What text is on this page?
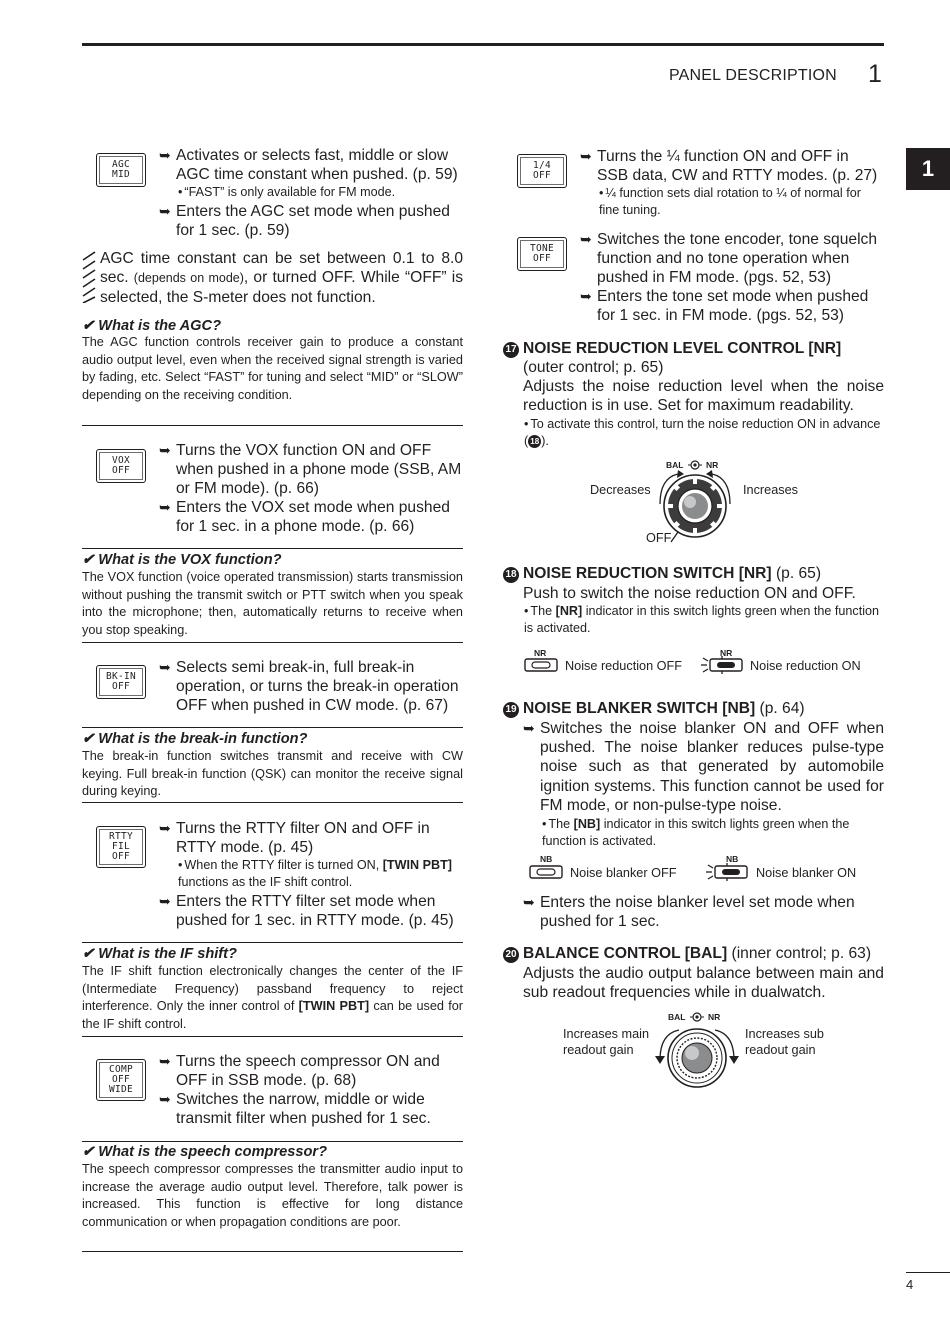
PANEL DESCRIPTION 1
1
4
AGC
MID
➥ Activates or selects fast, middle or slow AGC time constant when pushed. (p. 59)
• “FAST” is only available for FM mode.
➥ Enters the AGC set mode when pushed for 1 sec. (p. 59)
AGC time constant can be set between 0.1 to 8.0 sec. (depends on mode), or turned OFF. While “OFF” is selected, the S-meter does not function.
✔ What is the AGC?
The AGC function controls receiver gain to produce a constant audio output level, even when the received signal strength is varied by fading, etc. Select “FAST” for tuning and select “MID” or “SLOW” depending on the receiving condition.
VOX
OFF
➥ Turns the VOX function ON and OFF when pushed in a phone mode (SSB, AM or FM mode). (p. 66)
➥ Enters the VOX set mode when pushed for 1 sec. in a phone mode. (p. 66)
✔ What is the VOX function?
The VOX function (voice operated transmission) starts transmission without pushing the transmit switch or PTT switch when you speak into the microphone; then, automatically returns to receive when you stop speaking.
BK-IN
OFF
➥ Selects semi break-in, full break-in operation, or turns the break-in operation OFF when pushed in CW mode. (p. 67)
✔ What is the break-in function?
The break-in function switches transmit and receive with CW keying. Full break-in function (QSK) can monitor the receive signal during keying.
RTTY
FIL
OFF
➥ Turns the RTTY filter ON and OFF in RTTY mode. (p. 45)
• When the RTTY filter is turned ON, [TWIN PBT] functions as the IF shift control.
➥ Enters the RTTY filter set mode when pushed for 1 sec. in RTTY mode. (p. 45)
✔ What is the IF shift?
The IF shift function electronically changes the center of the IF (Intermediate Frequency) passband frequency to reject interference. Only the inner control of [TWIN PBT] can be used for the IF shift control.
COMP
OFF
WIDE
➥ Turns the speech compressor ON and OFF in SSB mode. (p. 68)
➥ Switches the narrow, middle or wide transmit filter when pushed for 1 sec.
✔ What is the speech compressor?
The speech compressor compresses the transmitter audio input to increase the average audio output level. Therefore, talk power is increased. This function is effective for long distance communication or when propagation conditions are poor.
1/4
OFF
➥ Turns the ¼ function ON and OFF in SSB data, CW and RTTY modes. (p. 27)
• ¼ function sets dial rotation to ¼ of normal for fine tuning.
TONE
OFF
➥ Switches the tone encoder, tone squelch function and no tone operation when pushed in FM mode. (pgs. 52, 53)
➥ Enters the tone set mode when pushed for 1 sec. in FM mode. (pgs. 52, 53)
17 NOISE REDUCTION LEVEL CONTROL [NR]
(outer control; p. 65)
Adjusts the noise reduction level when the noise reduction is in use. Set for maximum readability.
• To activate this control, turn the noise reduction ON in advance ( 18 ).
BAL	NR
Decreases	Increases
OFF
18 NOISE REDUCTION SWITCH [NR] (p. 65)
Push to switch the noise reduction ON and OFF.
• The [NR] indicator in this switch lights green when the function is activated.
NR
Noise reduction OFF
NR
Noise reduction ON
19 NOISE BLANKER SWITCH [NB] (p. 64)
➥ Switches the noise blanker ON and OFF when pushed. The noise blanker reduces pulse-type noise such as that generated by automobile ignition systems. This function cannot be used for FM mode, or non-pulse-type noise.
• The [NB] indicator in this switch lights green when the function is activated.
NB
Noise blanker OFF
NB
Noise blanker ON
➥ Enters the noise blanker level set mode when pushed for 1 sec.
20 BALANCE CONTROL [BAL] (inner control; p. 63)
Adjusts the audio output balance between main and sub readout frequencies while in dualwatch.
BAL	NR
Increases main readout gain
Increases sub readout gain
